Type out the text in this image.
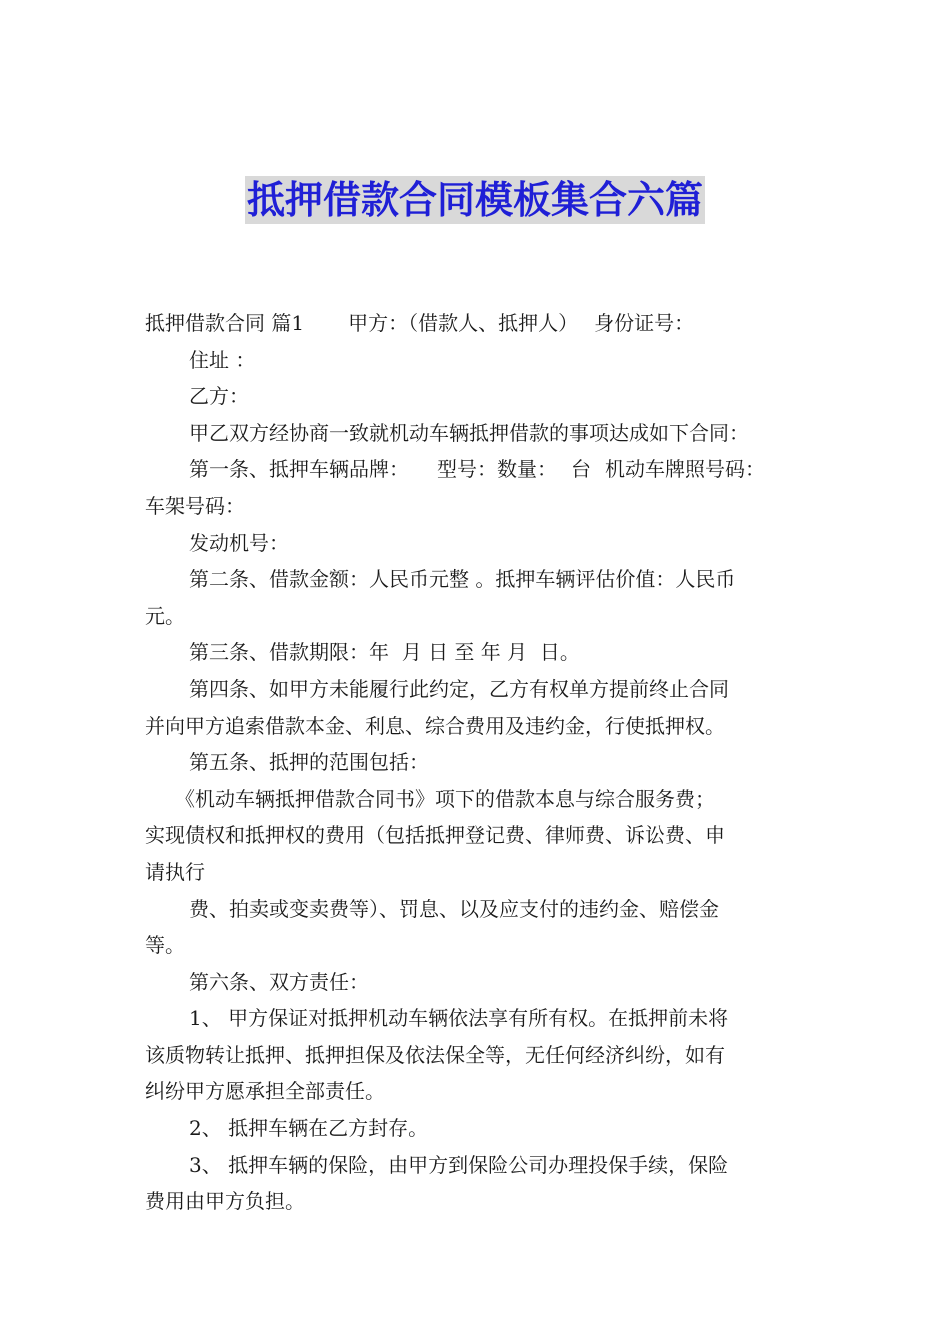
抵押借款合同模板集合六篇
抵押借款合同 篇1 甲方：（借款人、抵押人） 身份证号：
住址 ：
乙方：
甲乙双方经协商一致就机动车辆抵押借款的事项达成如下合同：
第一条、抵押车辆品牌： 型号：数量： 台 机动车牌照号码：
车架号码：
发动机号：
第二条、借款金额：人民币元整 。抵押车辆评估价值：人民币
元。
第三条、借款期限：年  月 日 至 年 月  日。
第四条、如甲方未能履行此约定，乙方有权单方提前终止合同
并向甲方追索借款本金、利息、综合费用及违约金，行使抵押权。
第五条、抵押的范围包括：
《机动车辆抵押借款合同书》项下的借款本息与综合服务费；
实现债权和抵押权的费用（包括抵押登记费、律师费、诉讼费、申
请执行
费、拍卖或变卖费等）、罚息、以及应支付的违约金、赔偿金
等。
第六条、双方责任：
1、 甲方保证对抵押机动车辆依法享有所有权。在抵押前未将
该质物转让抵押、抵押担保及依法保全等，无任何经济纠纷，如有
纠纷甲方愿承担全部责任。
2、 抵押车辆在乙方封存。
3、 抵押车辆的保险，由甲方到保险公司办理投保手续，保险
费用由甲方负担。
